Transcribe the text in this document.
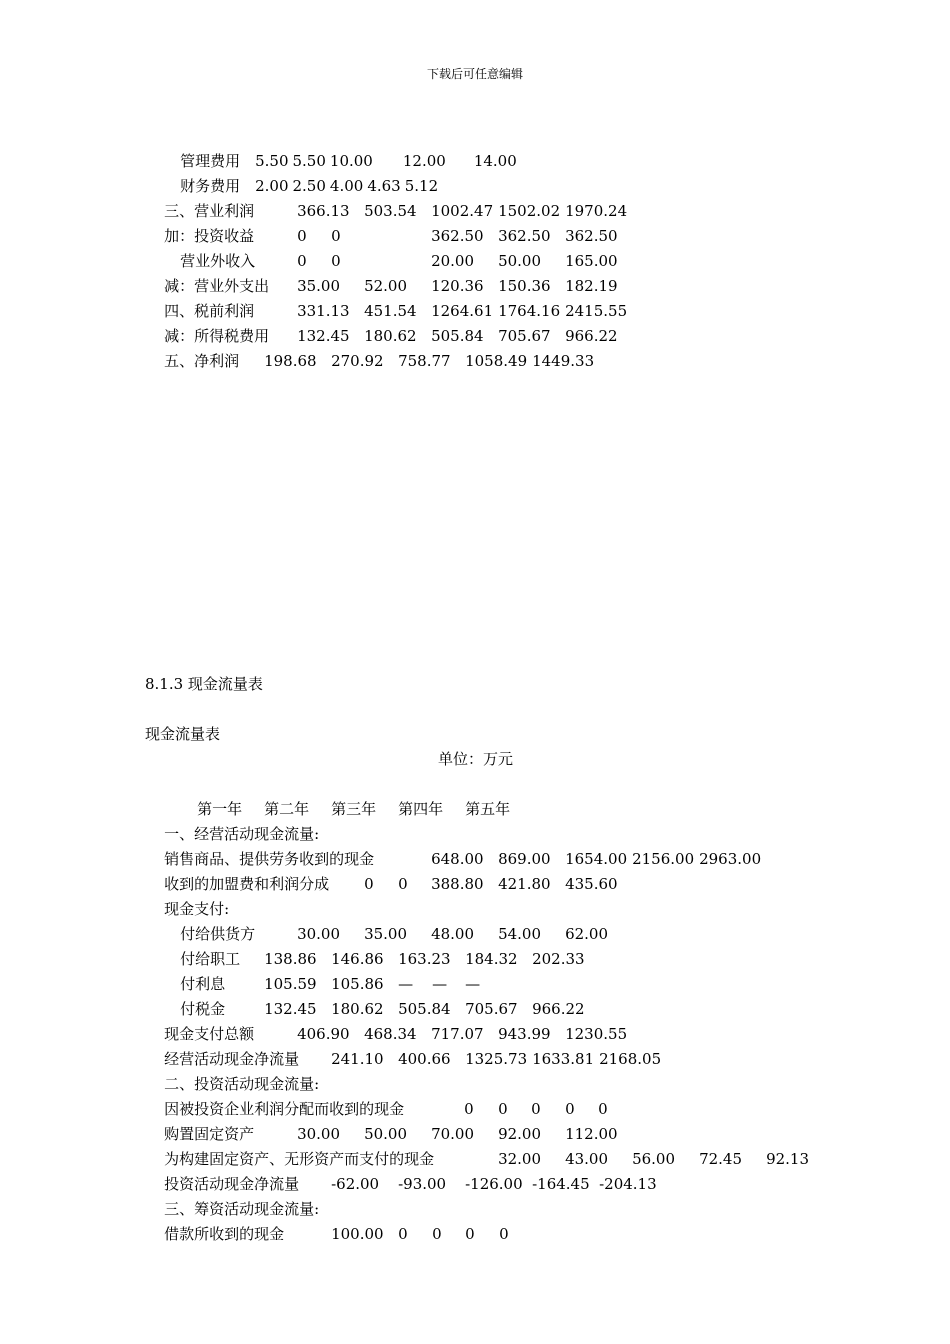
下载后可任意编辑

管理费用 5.50 5.50 10.00 12.00 14.00

财务费用 2.00 2.50 4.00 4.63 5.12

三、营业利润	366.13 503.54 1002.47 1502.02 1970.24

加：投资收益	0 0	362.50 362.50 362.50

营业外收入	0 0	20.00 50.00 165.00

减：营业外支出 35.00 52.00 120.36 150.36 182.19

四、税前利润	331.13 451.54 1264.61 1764.16 2415.55

减：所得税费用 132.45 180.62 505.84 705.67 966.22

五、净利润 198.68 270.92 758.77 1058.49 1449.33

8.1.3 现金流量表
现金流量表
单位：万元

第一年 第二年 第三年 第四年 第五年

一、经营活动现金流量:

销售商品、提供劳务收到的现金	648.00 869.00 1654.00 2156.00 2963.00

收到的加盟费和利润分成 0 0 388.80 421.80 435.60

现金支付:

付给供货方	30.00 35.00 48.00 54.00 62.00

付给职工 138.86 146.86 163.23 184.32 202.33

付利息	105.59 105.86 — — —

付税金	132.45 180.62 505.84 705.67 966.22

现金支付总额	406.90 468.34 717.07 943.99 1230.55

经营活动现金净流量 241.10 400.66 1325.73 1633.81 2168.05

二、投资活动现金流量:

因被投资企业利润分配而收到的现金	0 0 0 0 0

购置固定资产	30.00 50.00 70.00 92.00 112.00

为构建固定资产、无形资产而支付的现金	32.00 43.00 56.00 72.45 92.13

投资活动现金净流量 -62.00 -93.00 -126.00 -164.45 -204.13

三、筹资活动现金流量:

借款所收到的现金	100.00 0 0 0 0
